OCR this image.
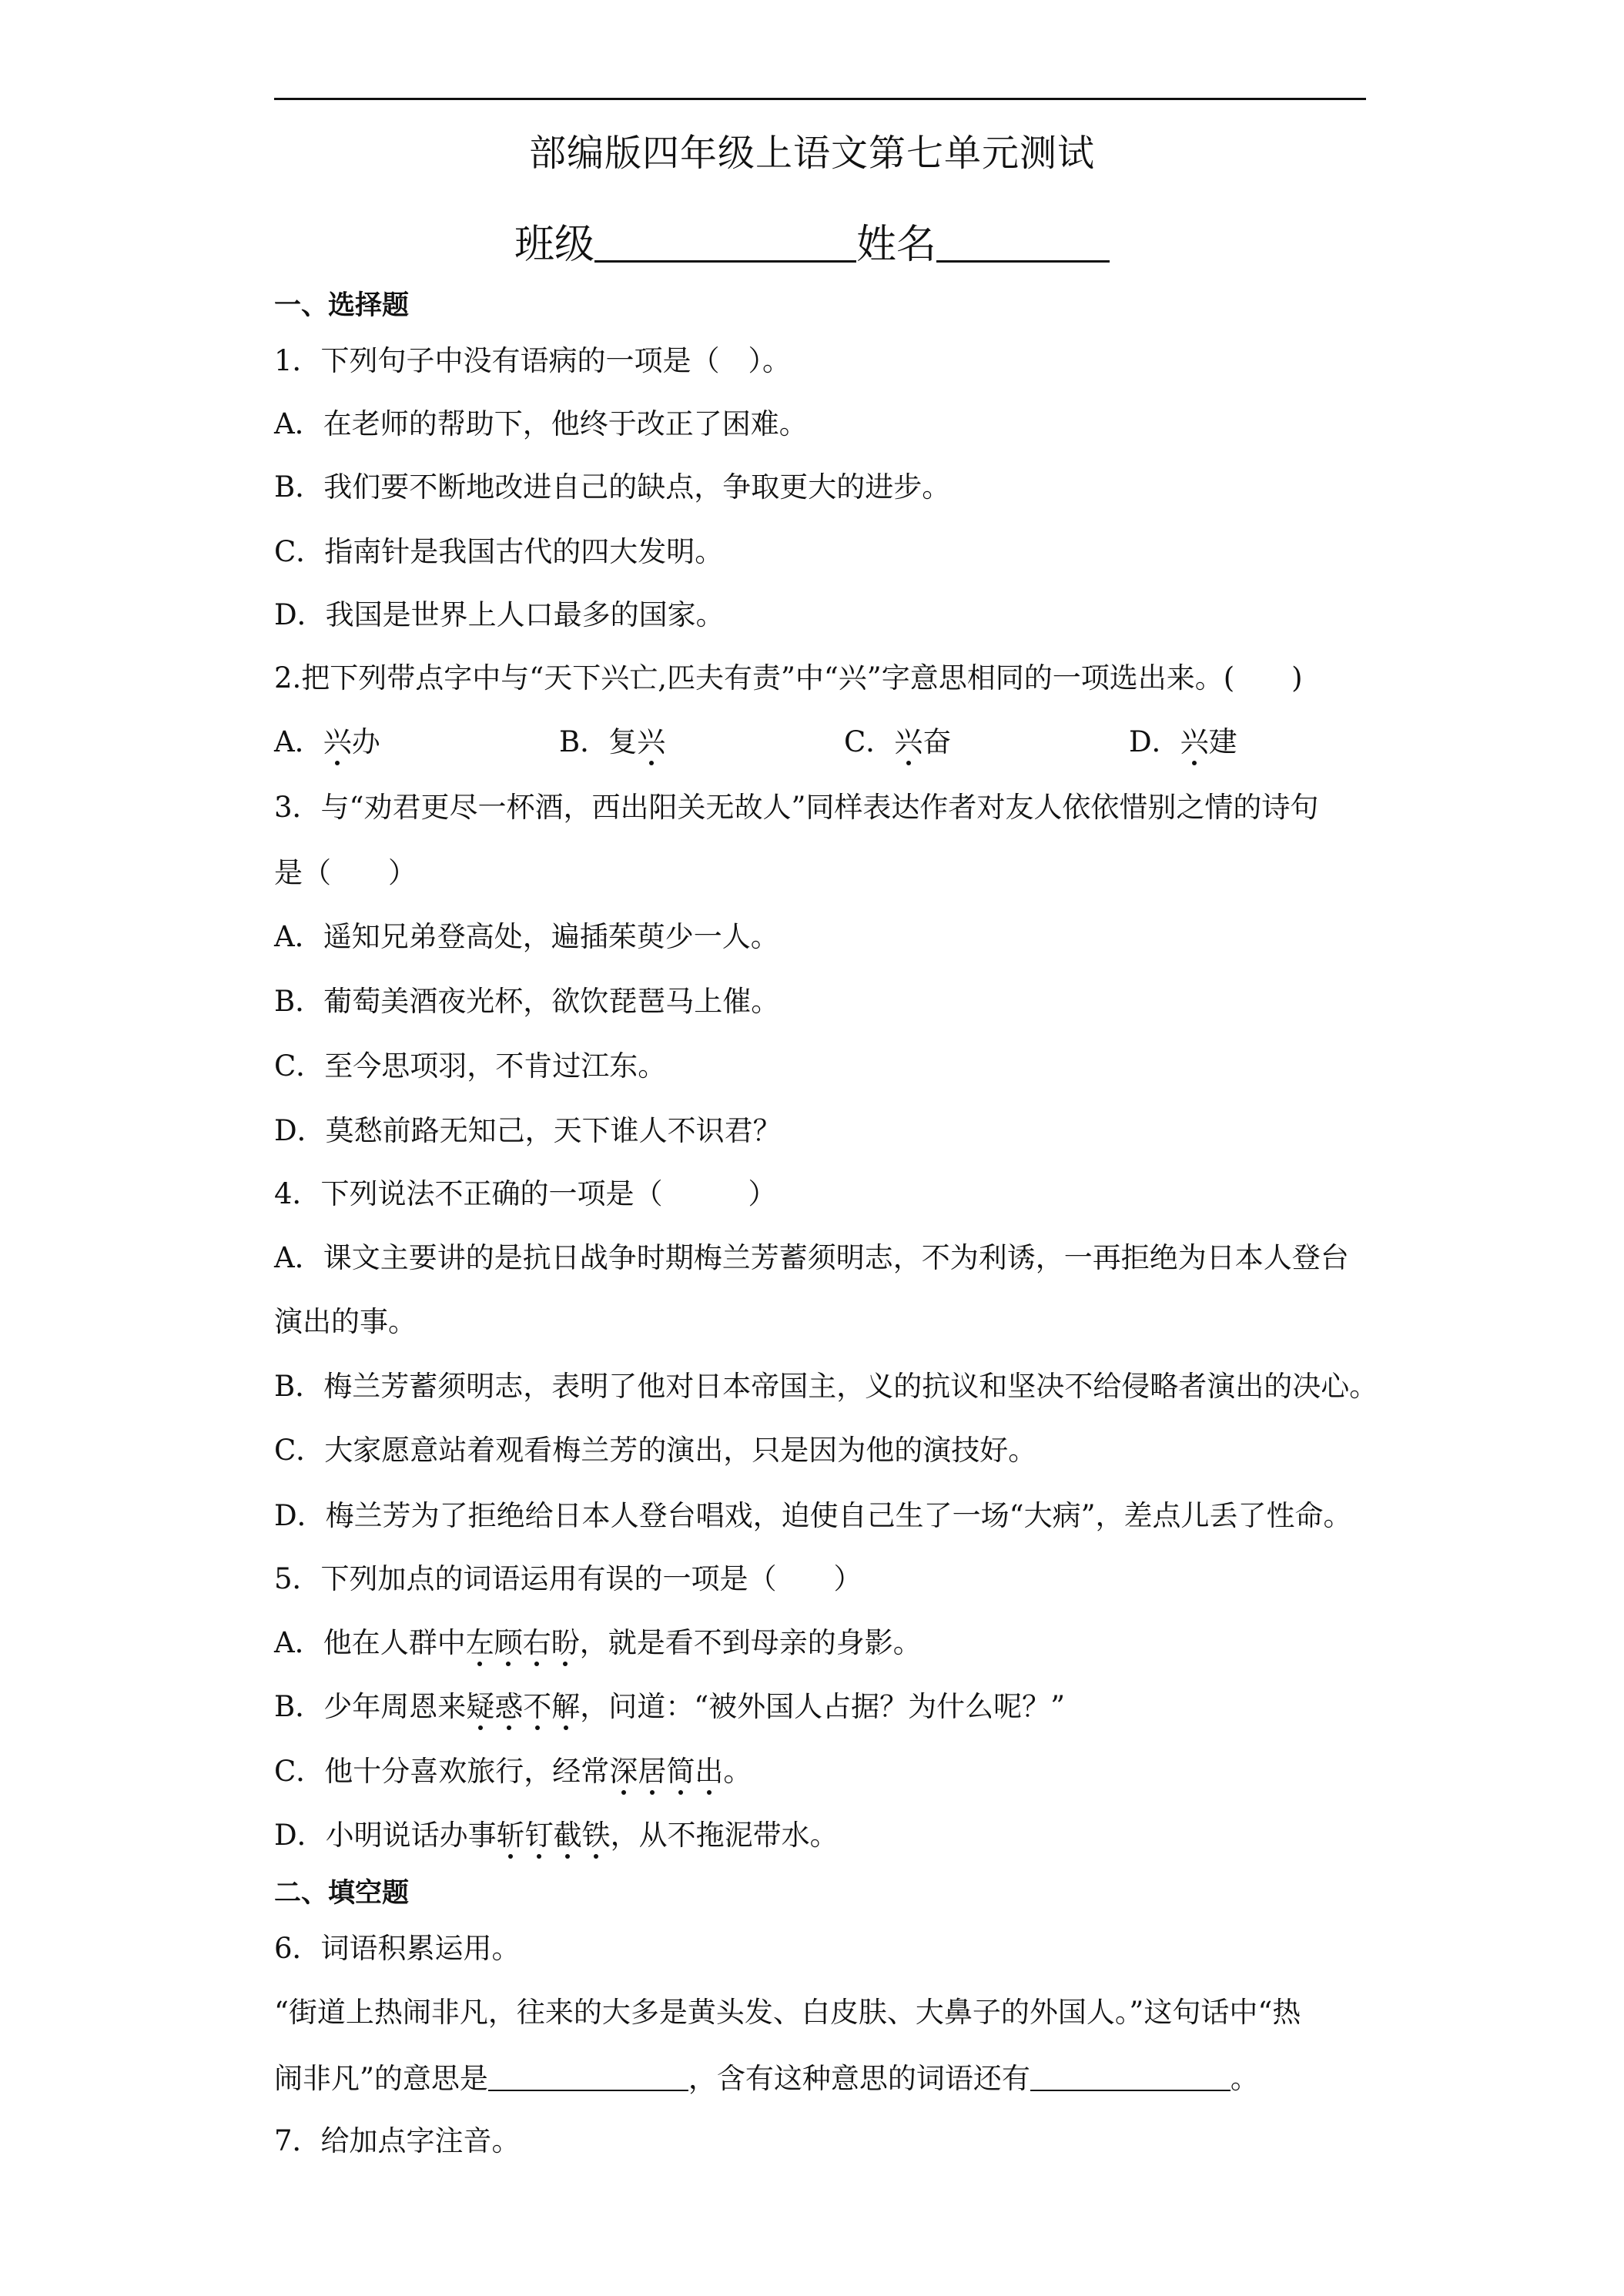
部编版四年级上语文第七单元测试
班级	姓名
一、选择题
1．下列句子中没有语病的一项是（　）。
A．在老师的帮助下，他终于改正了困难。
B．我们要不断地改进自己的缺点，争取更大的进步。
C．指南针是我国古代的四大发明。
D．我国是世界上人口最多的国家。
2.把下列带点字中与“天下兴亡,匹夫有责”中“兴”字意思相同的一项选出来。(　　)
A．兴办	B．复兴	C．兴奋	D．兴建
3．与“劝君更尽一杯酒，西出阳关无故人”同样表达作者对友人依依惜别之情的诗句
是（　　）
A．遥知兄弟登高处，遍插茱萸少一人。
B．葡萄美酒夜光杯，欲饮琵琶马上催。
C．至今思项羽，不肯过江东。
D．莫愁前路无知己，天下谁人不识君？
4．下列说法不正确的一项是（　　　）
A．课文主要讲的是抗日战争时期梅兰芳蓄须明志，不为利诱，一再拒绝为日本人登台
演出的事。
B．梅兰芳蓄须明志，表明了他对日本帝国主，义的抗议和坚决不给侵略者演出的决心。
C．大家愿意站着观看梅兰芳的演出，只是因为他的演技好。
D．梅兰芳为了拒绝给日本人登台唱戏，迫使自己生了一场“大病”，差点儿丢了性命。
5．下列加点的词语运用有误的一项是（　　）
A．他在人群中左顾右盼，就是看不到母亲的身影。
B．少年周恩来疑惑不解，问道：“被外国人占据？为什么呢？”
C．他十分喜欢旅行，经常深居简出。
D．小明说话办事斩钉截铁，从不拖泥带水。
二、填空题
6．词语积累运用。
“街道上热闹非凡，往来的大多是黄头发、白皮肤、大鼻子的外国人。”这句话中“热
闹非凡”的意思是	，含有这种意思的词语还有	。
7．给加点字注音。
